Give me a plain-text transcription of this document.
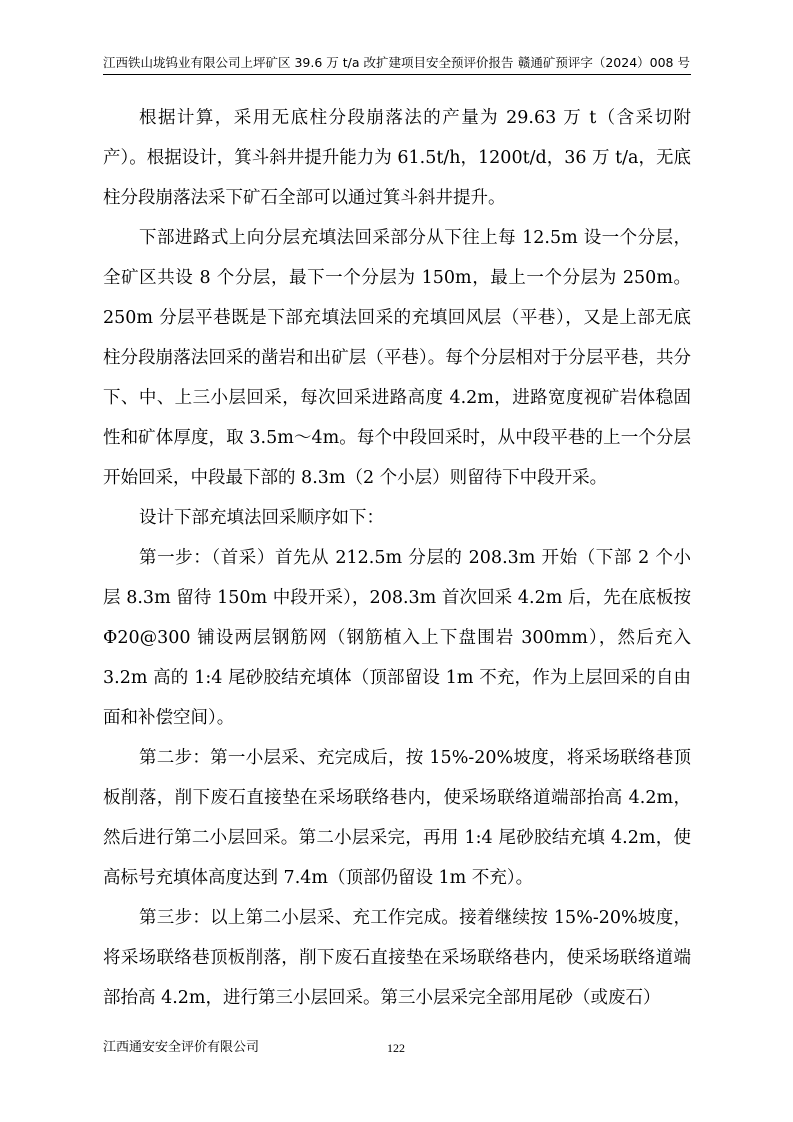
江西铁山垅钨业有限公司上坪矿区 39.6 万 t/a 改扩建项目安全预评价报告 赣通矿预评字（2024）008 号

根据计算，采用无底柱分段崩落法的产量为 29.63 万 t（含采切附产）。根据设计，箕斗斜井提升能力为 61.5t/h，1200t/d，36 万 t/a，无底柱分段崩落法采下矿石全部可以通过箕斗斜井提升。

下部进路式上向分层充填法回采部分从下往上每 12.5m 设一个分层，全矿区共设 8 个分层，最下一个分层为 150m，最上一个分层为 250m。250m 分层平巷既是下部充填法回采的充填回风层（平巷），又是上部无底柱分段崩落法回采的凿岩和出矿层（平巷）。每个分层相对于分层平巷，共分下、中、上三小层回采，每次回采进路高度 4.2m，进路宽度视矿岩体稳固性和矿体厚度，取 3.5m～4m。每个中段回采时，从中段平巷的上一个分层开始回采，中段最下部的 8.3m（2 个小层）则留待下中段开采。

设计下部充填法回采顺序如下：

第一步：（首采）首先从 212.5m 分层的 208.3m 开始（下部 2 个小层 8.3m 留待 150m 中段开采），208.3m 首次回采 4.2m 后，先在底板按Φ20@300 铺设两层钢筋网（钢筋植入上下盘围岩 300mm），然后充入 3.2m 高的 1:4 尾砂胶结充填体（顶部留设 1m 不充，作为上层回采的自由面和补偿空间）。

第二步：第一小层采、充完成后，按 15%-20%坡度，将采场联络巷顶板削落，削下废石直接垫在采场联络巷内，使采场联络道端部抬高 4.2m，然后进行第二小层回采。第二小层采完，再用 1:4 尾砂胶结充填 4.2m，使高标号充填体高度达到 7.4m（顶部仍留设 1m 不充）。

第三步：以上第二小层采、充工作完成。接着继续按 15%-20%坡度，将采场联络巷顶板削落，削下废石直接垫在采场联络巷内，使采场联络道端部抬高 4.2m，进行第三小层回采。第三小层采完全部用尾砂（或废石）

江西通安安全评价有限公司	122
